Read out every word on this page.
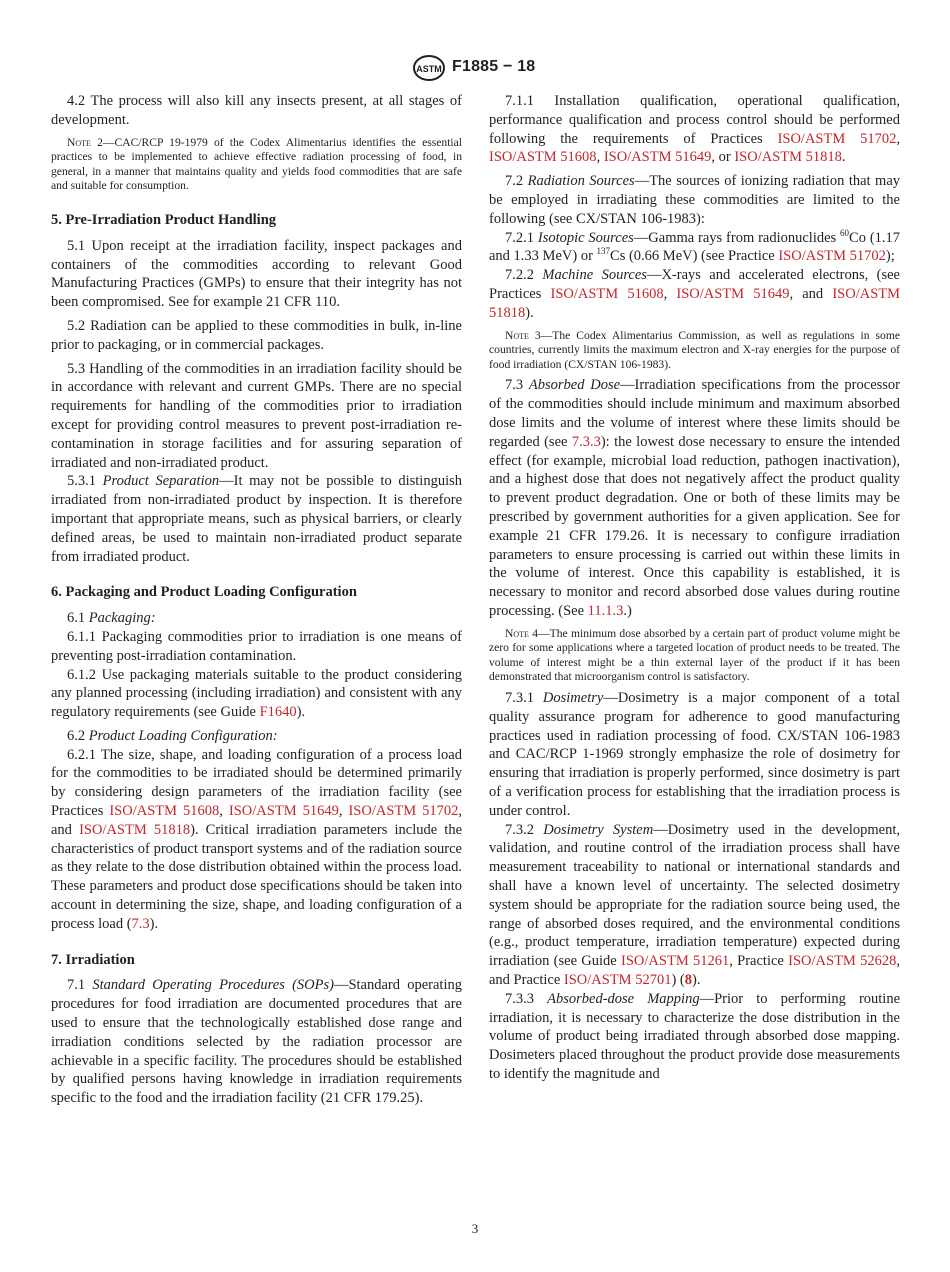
ASTM F1885 − 18

4.2 The process will also kill any insects present, at all stages of development.

Note 2—CAC/RCP 19-1979 of the Codex Alimentarius identifies the essential practices to be implemented to achieve effective radiation processing of food, in general, in a manner that maintains quality and yields food commodities that are safe and suitable for consumption.

5. Pre-Irradiation Product Handling

5.1 Upon receipt at the irradiation facility, inspect packages and containers of the commodities according to relevant Good Manufacturing Practices (GMPs) to ensure that their integrity has not been compromised. See for example 21 CFR 110.

5.2 Radiation can be applied to these commodities in bulk, in-line prior to packaging, or in commercial packages.

5.3 Handling of the commodities in an irradiation facility should be in accordance with relevant and current GMPs. There are no special requirements for handling of the commodities prior to irradiation except for providing control measures to prevent post-irradiation re-contamination in storage facilities and for assuring separation of irradiated and non-irradiated product.

5.3.1 Product Separation—It may not be possible to distinguish irradiated from non-irradiated product by inspection. It is therefore important that appropriate means, such as physical barriers, or clearly defined areas, be used to maintain non-irradiated product separate from irradiated product.

6. Packaging and Product Loading Configuration

6.1 Packaging:

6.1.1 Packaging commodities prior to irradiation is one means of preventing post-irradiation contamination.

6.1.2 Use packaging materials suitable to the product considering any planned processing (including irradiation) and consistent with any regulatory requirements (see Guide F1640).

6.2 Product Loading Configuration:

6.2.1 The size, shape, and loading configuration of a process load for the commodities to be irradiated should be determined primarily by considering design parameters of the irradiation facility (see Practices ISO/ASTM 51608, ISO/ASTM 51649, ISO/ASTM 51702, and ISO/ASTM 51818). Critical irradiation parameters include the characteristics of product transport systems and of the radiation source as they relate to the dose distribution obtained within the process load. These parameters and product dose specifications should be taken into account in determining the size, shape, and loading configuration of a process load (7.3).

7. Irradiation

7.1 Standard Operating Procedures (SOPs)—Standard operating procedures for food irradiation are documented procedures that are used to ensure that the technologically established dose range and irradiation conditions selected by the radiation processor are achievable in a specific facility. The procedures should be established by qualified persons having knowledge in irradiation requirements specific to the food and the irradiation facility (21 CFR 179.25).

7.1.1 Installation qualification, operational qualification, performance qualification and process control should be performed following the requirements of Practices ISO/ASTM 51702, ISO/ASTM 51608, ISO/ASTM 51649, or ISO/ASTM 51818.

7.2 Radiation Sources—The sources of ionizing radiation that may be employed in irradiating these commodities are limited to the following (see CX/STAN 106-1983):

7.2.1 Isotopic Sources—Gamma rays from radionuclides $^{60}$Co (1.17 and 1.33 MeV) or $^{137}$Cs (0.66 MeV) (see Practice ISO/ASTM 51702);

7.2.2 Machine Sources—X-rays and accelerated electrons, (see Practices ISO/ASTM 51608, ISO/ASTM 51649, and ISO/ASTM 51818).

Note 3—The Codex Alimentarius Commission, as well as regulations in some countries, currently limits the maximum electron and X-ray energies for the purpose of food irradiation (CX/STAN 106-1983).

7.3 Absorbed Dose—Irradiation specifications from the processor of the commodities should include minimum and maximum absorbed dose limits and the volume of interest where these limits should be regarded (see 7.3.3): the lowest dose necessary to ensure the intended effect (for example, microbial load reduction, pathogen inactivation), and a highest dose that does not negatively affect the product quality to prevent product degradation. One or both of these limits may be prescribed by government authorities for a given application. See for example 21 CFR 179.26. It is necessary to configure irradiation parameters to ensure processing is carried out within these limits in the volume of interest. Once this capability is established, it is necessary to monitor and record absorbed dose values during routine processing. (See 11.1.3.)

Note 4—The minimum dose absorbed by a certain part of product volume might be zero for some applications where a targeted location of product needs to be treated. The volume of interest might be a thin external layer of the product if it has been demonstrated that microorganism control is satisfactory.

7.3.1 Dosimetry—Dosimetry is a major component of a total quality assurance program for adherence to good manufacturing practices used in radiation processing of food. CX/STAN 106-1983 and CAC/RCP 1-1969 strongly emphasize the role of dosimetry for ensuring that irradiation is properly performed, since dosimetry is part of a verification process for establishing that the irradiation process is under control.

7.3.2 Dosimetry System—Dosimetry used in the development, validation, and routine control of the irradiation process shall have measurement traceability to national or international standards and shall have a known level of uncertainty. The selected dosimetry system should be appropriate for the radiation source being used, the range of absorbed doses required, and the environmental conditions (e.g., product temperature, irradiation temperature) expected during irradiation (see Guide ISO/ASTM 51261, Practice ISO/ASTM 52628, and Practice ISO/ASTM 52701) (8).

7.3.3 Absorbed-dose Mapping—Prior to performing routine irradiation, it is necessary to characterize the dose distribution in the volume of product being irradiated through absorbed dose mapping. Dosimeters placed throughout the product provide dose measurements to identify the magnitude and

3
